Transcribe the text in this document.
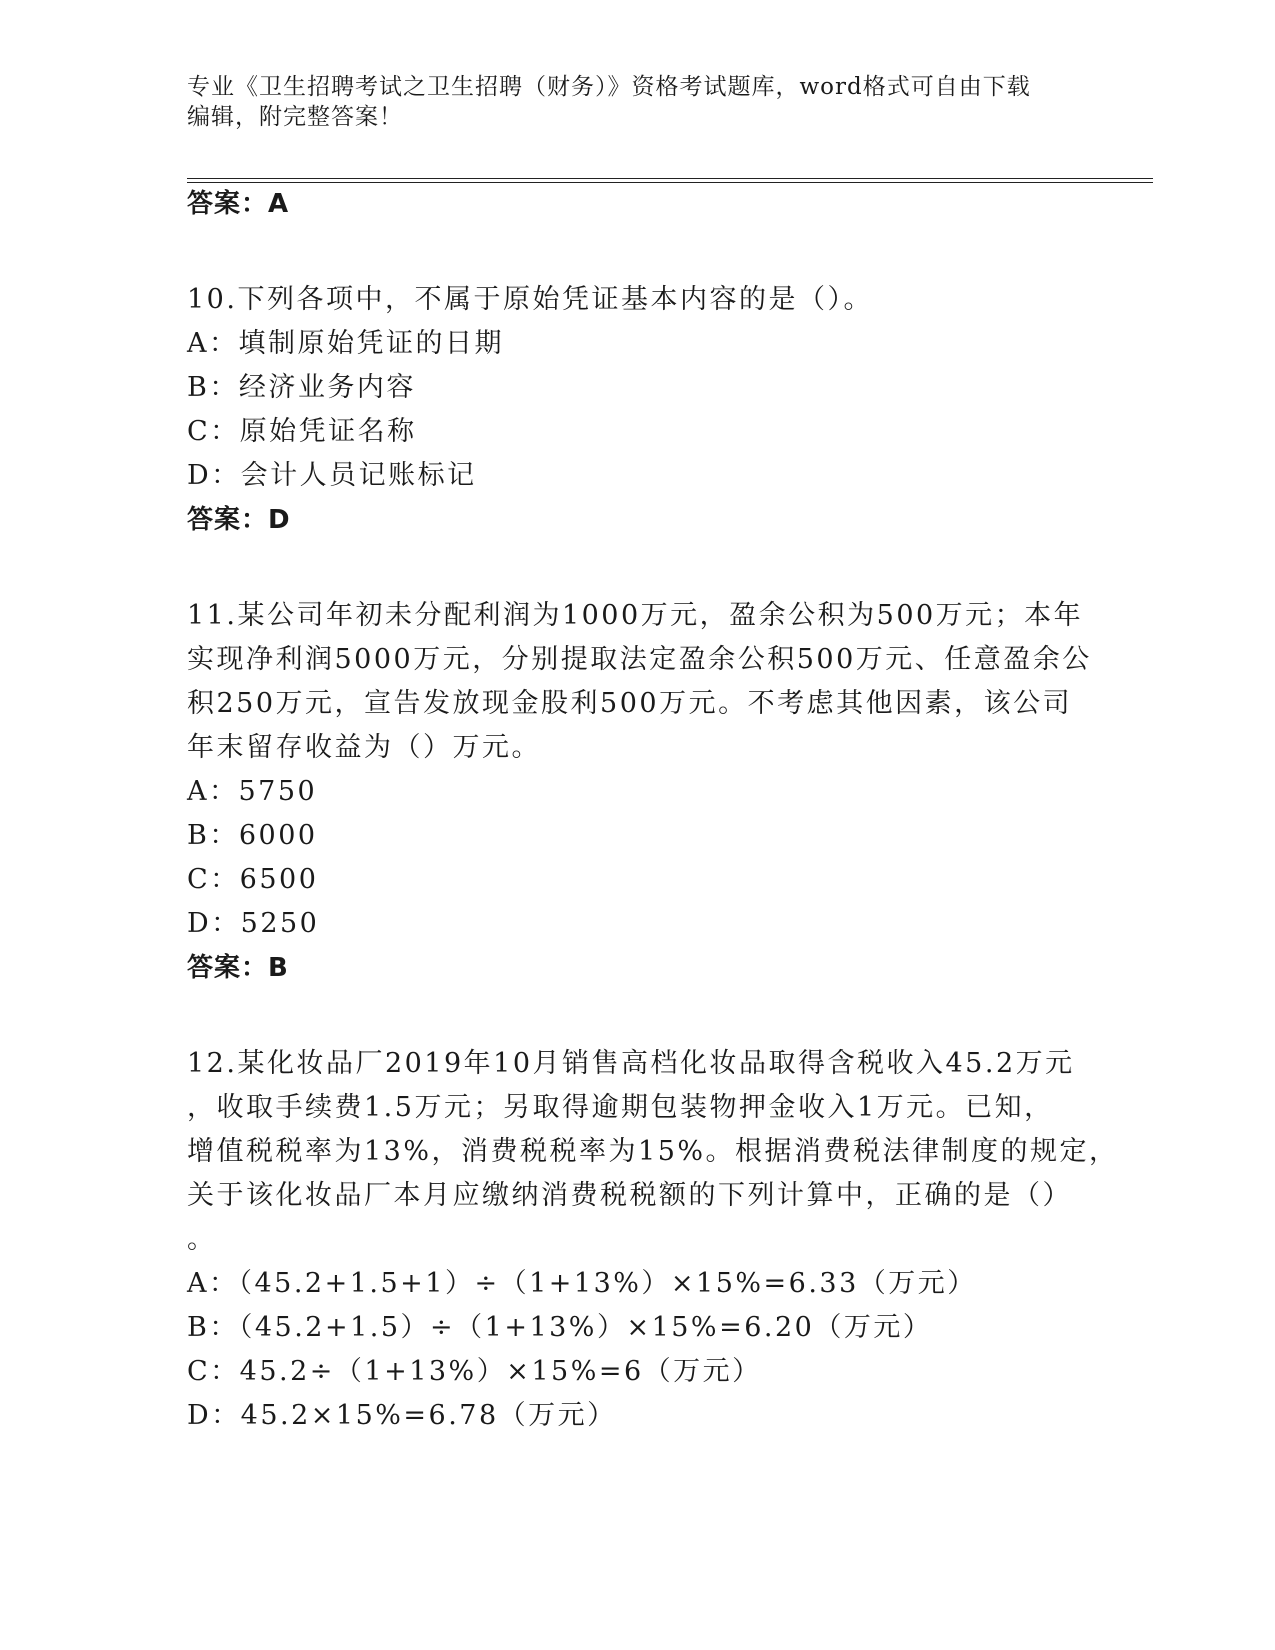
专业《卫生招聘考试之卫生招聘（财务）》资格考试题库，word格式可自由下载
编辑，附完整答案！
答案：A
10.下列各项中，不属于原始凭证基本内容的是（）。
A：填制原始凭证的日期
B：经济业务内容
C：原始凭证名称
D：会计人员记账标记
答案：D
11.某公司年初未分配利润为1000万元，盈余公积为500万元；本年
实现净利润5000万元，分别提取法定盈余公积500万元、任意盈余公
积250万元，宣告发放现金股利500万元。不考虑其他因素，该公司
年末留存收益为（）万元。
A：5750
B：6000
C：6500
D：5250
答案：B
12.某化妆品厂2019年10月销售高档化妆品取得含税收入45.2万元
，收取手续费1.5万元；另取得逾期包装物押金收入1万元。已知，
增值税税率为13%，消费税税率为15%。根据消费税法律制度的规定，
关于该化妆品厂本月应缴纳消费税税额的下列计算中，正确的是（）
。
A：（45.2+1.5+1）÷（1+13%）×15%=6.33（万元）
B：（45.2+1.5）÷（1+13%）×15%=6.20（万元）
C：45.2÷（1+13%）×15%=6（万元）
D：45.2×15%=6.78（万元）
